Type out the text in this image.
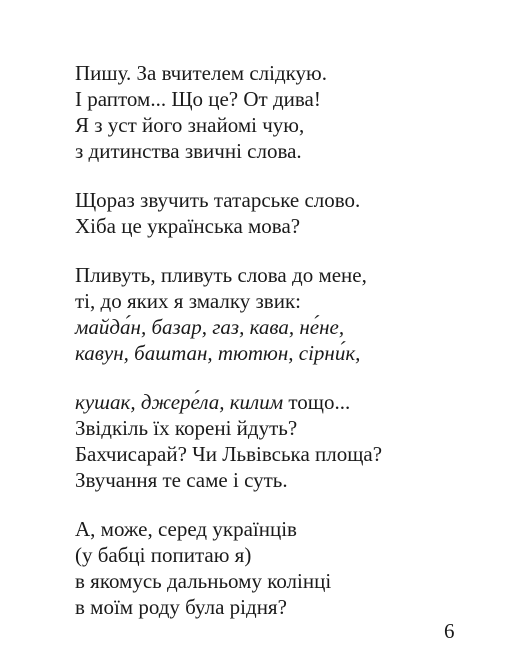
Пишу. За вчителем слідкую.
І раптом... Що це? От дива!
Я з уст його знайомі чую,
з дитинства звичні слова.
Щораз звучить татарське слово.
Хіба це українська мова?
Пливуть, пливуть слова до мене,
ті, до яких я змалку звик:
майда́н, базар, газ, кава, не́не,
кавун, баштан, тютюн, сірни́к,
кушак, джере́ла, килим тощо...
Звідкіль їх корені йдуть?
Бахчисарай? Чи Львівська площа?
Звучання те саме і суть.
А, може, серед українців
(у бабці попитаю я)
в якомусь дальньому колінці
в моїм роду була рідня?
6
